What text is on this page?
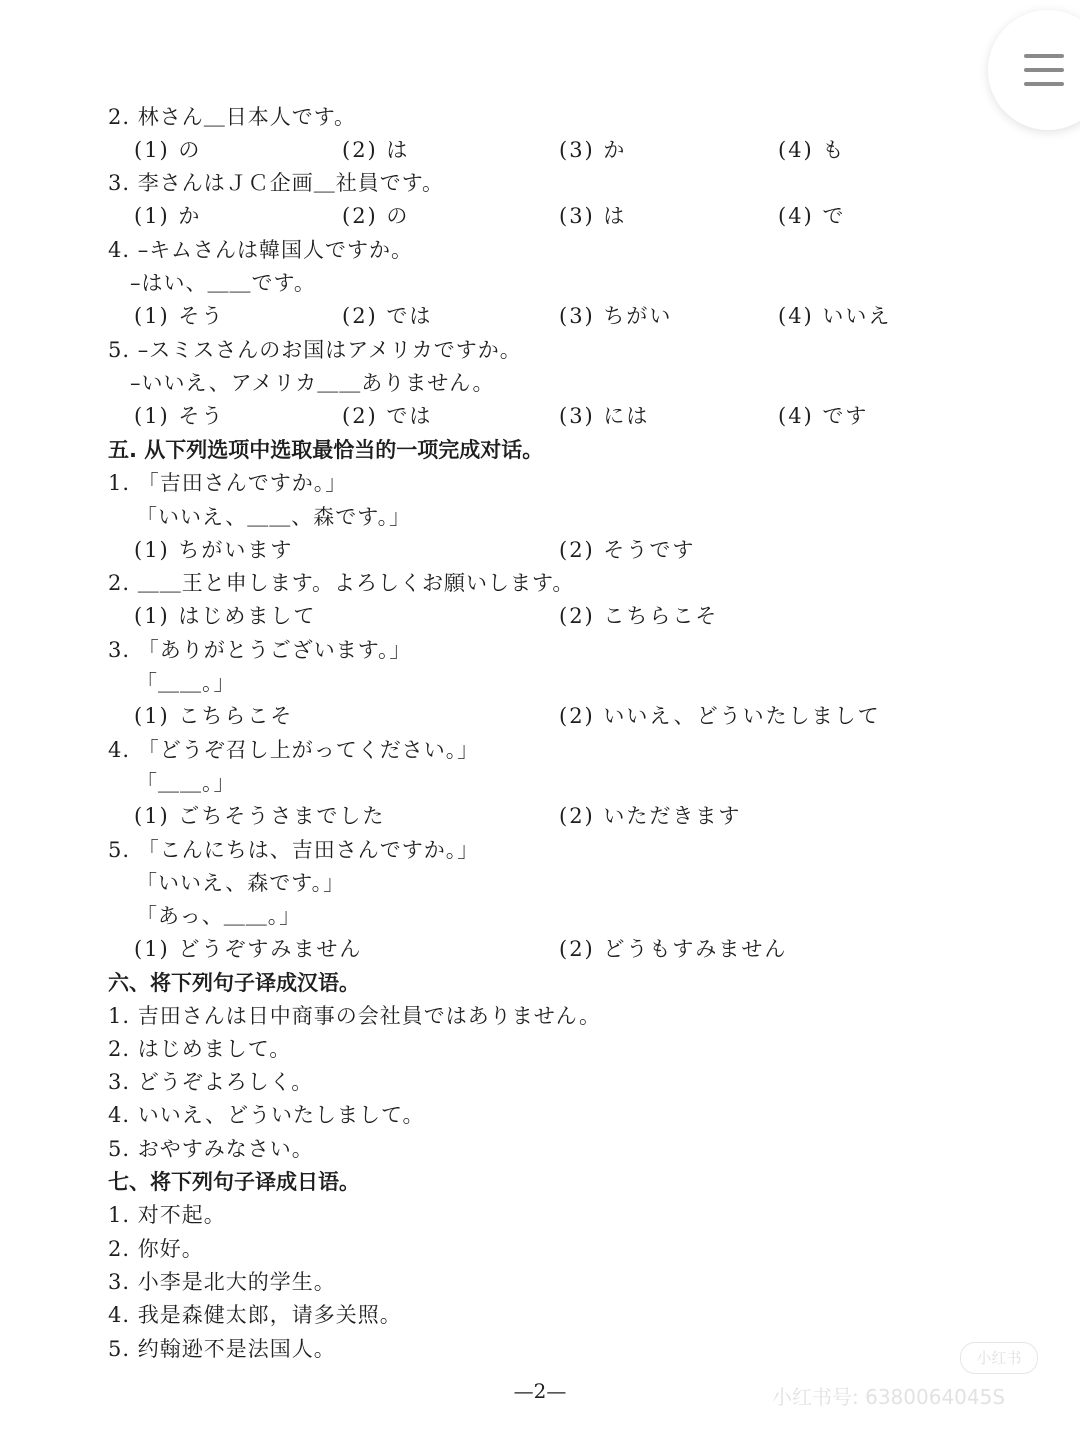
2. 林さん＿日本人です。
(1) の	(2) は	(3) か	(4) も
3. 李さんはＪＣ企画＿社員です。
(1) か	(2) の	(3) は	(4) で
4. –キムさんは韓国人ですか。
–はい、＿＿です。
(1) そう	(2) では	(3) ちがい	(4) いいえ
5. –スミスさんのお国はアメリカですか。
–いいえ、アメリカ＿＿ありません。
(1) そう	(2) では	(3) には	(4) です
五. 从下列选项中选取最恰当的一项完成对话。
1. 「吉田さんですか。」
「いいえ、＿＿、森です。」
(1) ちがいます	(2) そうです
2. ＿＿王と申します。よろしくお願いします。
(1) はじめまして	(2) こちらこそ
3. 「ありがとうございます。」
「＿＿。」
(1) こちらこそ	(2) いいえ、どういたしまして
4. 「どうぞ召し上がってください。」
「＿＿。」
(1) ごちそうさまでした	(2) いただきます
5. 「こんにちは、吉田さんですか。」
「いいえ、森です。」
「あっ、＿＿。」
(1) どうぞすみません	(2) どうもすみません
六、将下列句子译成汉语。
1. 吉田さんは日中商事の会社員ではありません。
2. はじめまして。
3. どうぞよろしく。
4. いいえ、どういたしまして。
5. おやすみなさい。
七、将下列句子译成日语。
1. 对不起。
2. 你好。
3. 小李是北大的学生。
4. 我是森健太郎，请多关照。
5. 约翰逊不是法国人。
—2—
小红书
小红书号: 6380064045S
